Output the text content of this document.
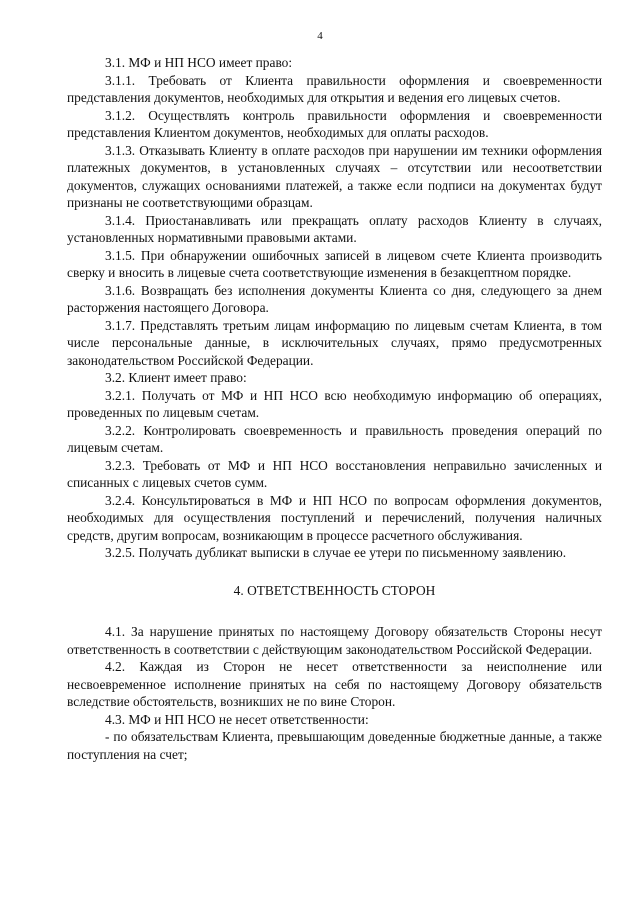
4

3.1. МФ и НП НСО имеет право:

3.1.1. Требовать от Клиента правильности оформления и своевременности представления документов, необходимых для открытия и ведения его лицевых счетов.

3.1.2. Осуществлять контроль правильности оформления и своевременности представления Клиентом документов, необходимых для оплаты расходов.

3.1.3. Отказывать Клиенту в оплате расходов при нарушении им техники оформления платежных документов, в установленных случаях – отсутствии или несоответствии документов, служащих основаниями платежей, а также если подписи на документах будут признаны не соответствующими образцам.

3.1.4. Приостанавливать или прекращать оплату расходов Клиенту в случаях, установленных нормативными правовыми актами.

3.1.5. При обнаружении ошибочных записей в лицевом счете Клиента производить сверку и вносить в лицевые счета соответствующие изменения в безакцептном порядке.

3.1.6. Возвращать без исполнения документы Клиента со дня, следующего за днем расторжения настоящего Договора.

3.1.7. Представлять третьим лицам информацию по лицевым счетам Клиента, в том числе персональные данные, в исключительных случаях, прямо предусмотренных законодательством Российской Федерации.

3.2. Клиент имеет право:

3.2.1. Получать от МФ и НП НСО всю необходимую информацию об операциях, проведенных по лицевым счетам.

3.2.2. Контролировать своевременность и правильность проведения операций по лицевым счетам.

3.2.3. Требовать от МФ и НП НСО восстановления неправильно зачисленных и списанных с лицевых счетов сумм.

3.2.4. Консультироваться в МФ и НП НСО по вопросам оформления документов, необходимых для осуществления поступлений и перечислений, получения наличных средств, другим вопросам, возникающим в процессе расчетного обслуживания.

3.2.5. Получать дубликат выписки в случае ее утери по письменному заявлению.

4. ОТВЕТСТВЕННОСТЬ СТОРОН

4.1. За нарушение принятых по настоящему Договору обязательств Стороны несут ответственность в соответствии с действующим законодательством Российской Федерации.

4.2. Каждая из Сторон не несет ответственности за неисполнение или несвоевременное исполнение принятых на себя по настоящему Договору обязательств вследствие обстоятельств, возникших не по вине Сторон.

4.3. МФ и НП НСО не несет ответственности:

- по обязательствам Клиента, превышающим доведенные бюджетные данные, а также поступления на счет;
